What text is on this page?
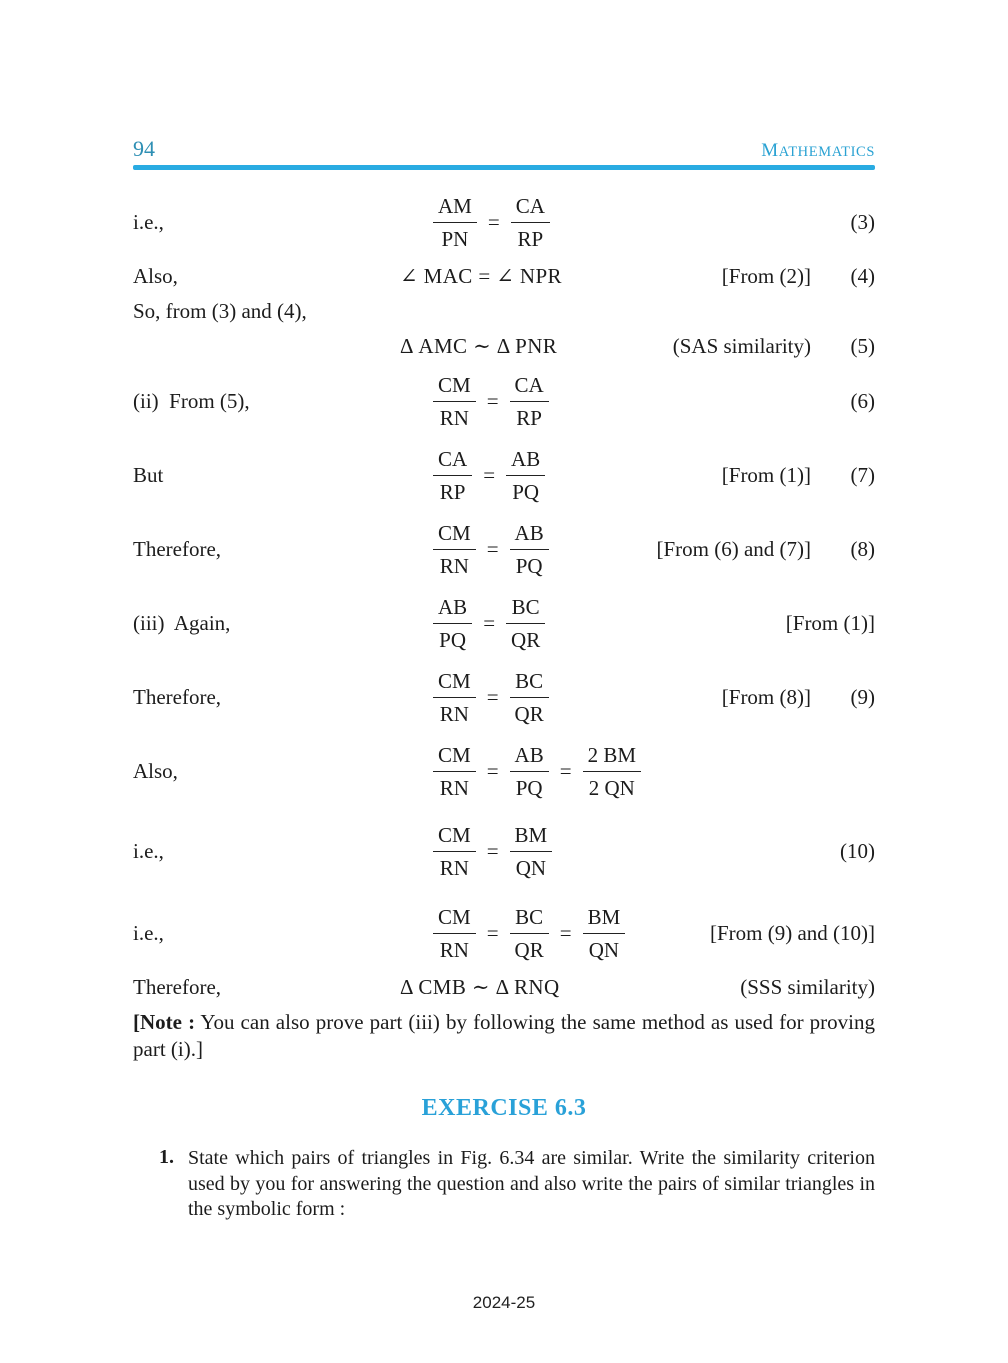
94	MATHEMATICS
i.e.,	$\frac{AM}{PN} = \frac{CA}{RP}$	(3)
Also,	∠ MAC = ∠ NPR	[From (2)]	(4)
So, from (3) and (4),
Δ AMC ∼ Δ PNR	(SAS similarity)	(5)
(ii)  From (5),	$\frac{CM}{RN} = \frac{CA}{RP}$	(6)
But	$\frac{CA}{RP} = \frac{AB}{PQ}$	[From (1)]	(7)
Therefore,	$\frac{CM}{RN} = \frac{AB}{PQ}$	[From (6) and (7)]	(8)
(iii)  Again,	$\frac{AB}{PQ} = \frac{BC}{QR}$	[From (1)]
Therefore,	$\frac{CM}{RN} = \frac{BC}{QR}$	[From (8)]	(9)
Also,	$\frac{CM}{RN} = \frac{AB}{PQ} = \frac{2 BM}{2 QN}$
i.e.,	$\frac{CM}{RN} = \frac{BM}{QN}$	(10)
i.e.,	$\frac{CM}{RN} = \frac{BC}{QR} = \frac{BM}{QN}$	[From (9) and (10)]
Therefore,	Δ CMB ∼ Δ RNQ	(SSS similarity)

[Note : You can also prove part (iii) by following the same method as used for proving part (i).]

EXERCISE 6.3
1. State which pairs of triangles in Fig. 6.34 are similar. Write the similarity criterion used by you for answering the question and also write the pairs of similar triangles in the symbolic form :
2024-25
